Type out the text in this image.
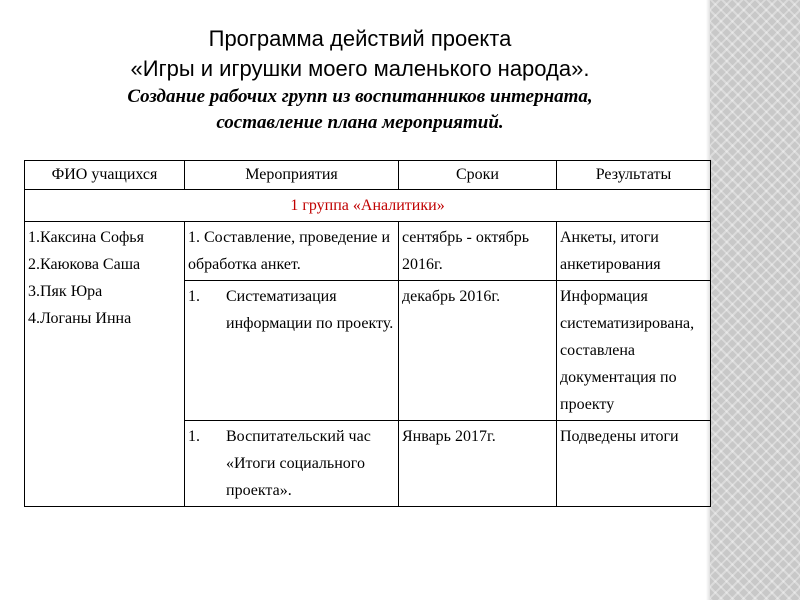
Программа действий проекта
«Игры и игрушки моего маленького народа».
Создание рабочих групп из воспитанников интерната,
составление плана мероприятий.
ФИО учащихся	Мероприятия	Сроки	Результаты
1 группа «Аналитики»			

1.Каксина Софья
2.Каюкова Саша
3.Пяк Юра
4.Логаны Инна	1. Составление, проведение и обработка анкет.	сентябрь - октябрь 2016г.	Анкеты, итоги анкетирования

	1. Систематизация информации по проекту.	декабрь 2016г.	Информация систематизирована, составлена документация по проекту

	1. Воспитательский час «Итоги социального проекта».	Январь 2017г.	Подведены итоги
